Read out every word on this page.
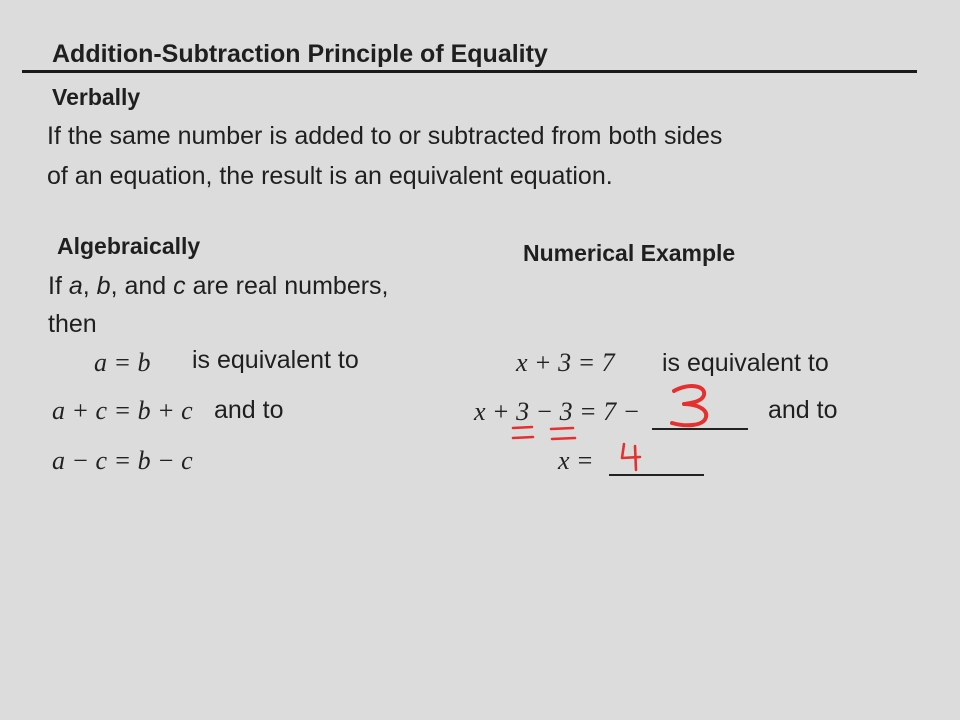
Addition-Subtraction Principle of Equality
Verbally
If the same number is added to or subtracted from both sides
of an equation, the result is an equivalent equation.
Algebraically
If a, b, and c are real numbers,
then
a = b is equivalent to
a + c = b + c and to
a − c = b − c
Numerical Example
x + 3 = 7 is equivalent to
x + 3 − 3 = 7 −	and to
x =
